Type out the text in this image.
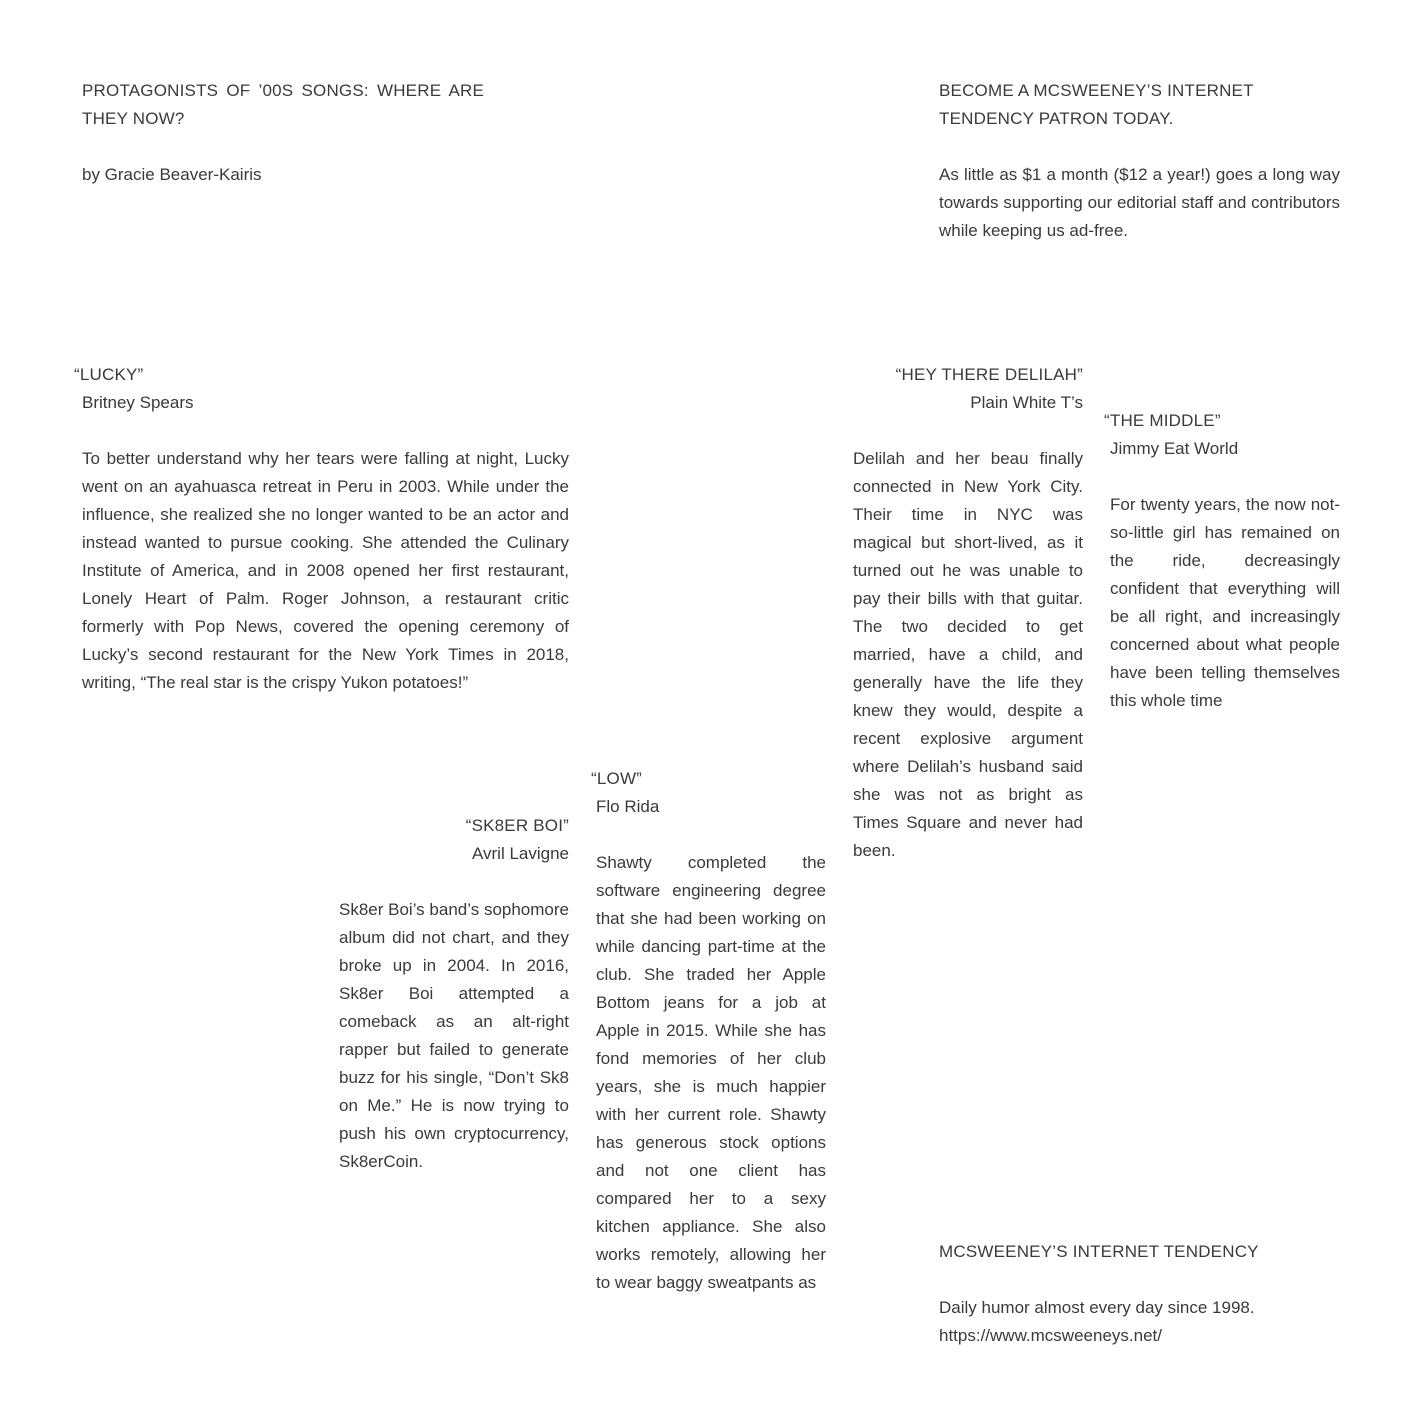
PROTAGONISTS OF ’00S SONGS: WHERE ARE THEY NOW?

by Gracie Beaver-Kairis

BECOME A MCSWEENEY’S INTERNET TENDENCY PATRON TODAY.

As little as $1 a month ($12 a year!) goes a long way towards supporting our editorial staff and contributors while keeping us ad-free.

“LUCKY”

Britney Spears

To better understand why her tears were falling at night, Lucky went on an ayahuasca retreat in Peru in 2003. While under the influence, she realized she no longer wanted to be an actor and instead wanted to pursue cooking. She attended the Culinary Institute of America, and in 2008 opened her first restaurant, Lonely Heart of Palm. Roger Johnson, a restaurant critic formerly with Pop News, covered the opening ceremony of Lucky’s second restaurant for the New York Times in 2018, writing, “The real star is the crispy Yukon potatoes!”

“SK8ER BOI”

Avril Lavigne

Sk8er Boi’s band’s sophomore album did not chart, and they broke up in 2004. In 2016, Sk8er Boi attempted a comeback as an alt-right rapper but failed to generate buzz for his single, “Don’t Sk8 on Me.” He is now trying to push his own cryptocurrency, Sk8erCoin.

“LOW”

Flo Rida

Shawty completed the software engineering degree that she had been working on while dancing part-time at the club. She traded her Apple Bottom jeans for a job at Apple in 2015. While she has fond memories of her club years, she is much happier with her current role. Shawty has generous stock options and not one client has compared her to a sexy kitchen appliance. She also works remotely, allowing her to wear baggy sweatpants as

“HEY THERE DELILAH”

Plain White T’s

Delilah and her beau finally connected in New York City. Their time in NYC was magical but short-lived, as it turned out he was unable to pay their bills with that guitar. The two decided to get married, have a child, and generally have the life they knew they would, despite a recent explosive argument where Delilah’s husband said she was not as bright as Times Square and never had been.

“THE MIDDLE”

Jimmy Eat World

For twenty years, the now not-so-little girl has remained on the ride, decreasingly confident that everything will be all right, and increasingly concerned about what people have been telling themselves this whole time

MCSWEENEY’S INTERNET TENDENCY

Daily humor almost every day since 1998.

https://www.mcsweeneys.net/
